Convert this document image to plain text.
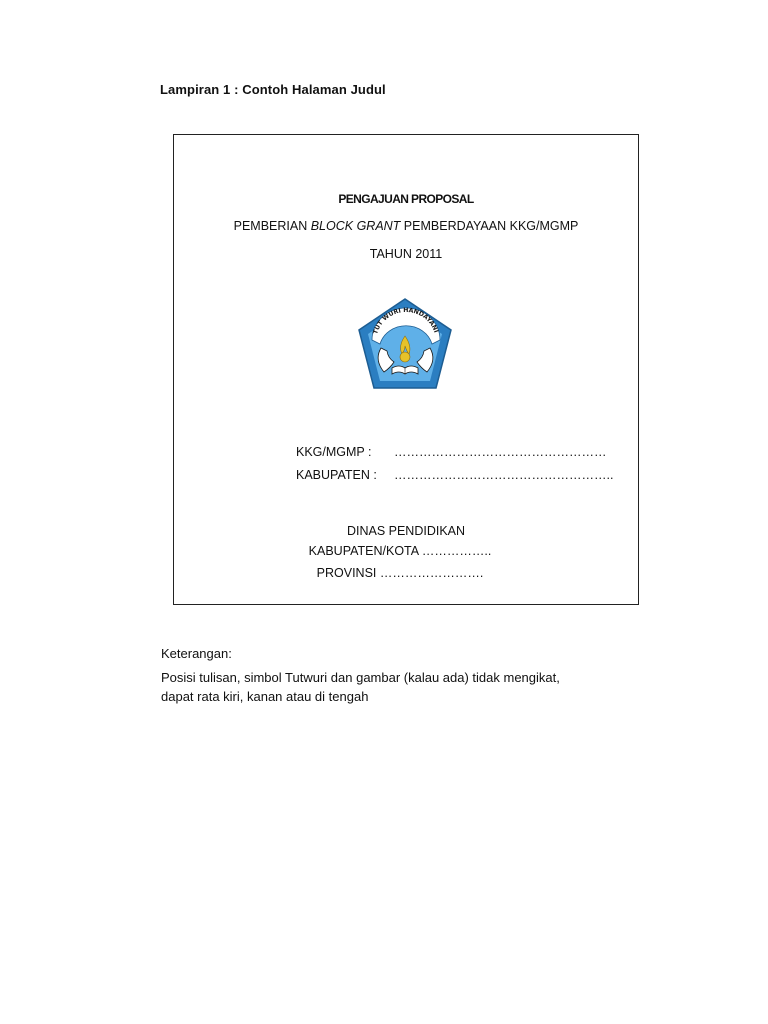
Lampiran 1 : Contoh Halaman Judul
PENGAJUAN PROPOSAL
PEMBERIAN BLOCK GRANT PEMBERDAYAAN KKG/MGMP
TAHUN 2011
TUT WURI HANDAYANI
KKG/MGMP : ……………………………………………
KABUPATEN : ……………………………………………..
DINAS PENDIDIKAN
KABUPATEN/KOTA ……………..
PROVINSI …………………….
Keterangan:
Posisi tulisan, simbol Tutwuri dan gambar (kalau ada) tidak mengikat,
dapat rata kiri, kanan atau di tengah
